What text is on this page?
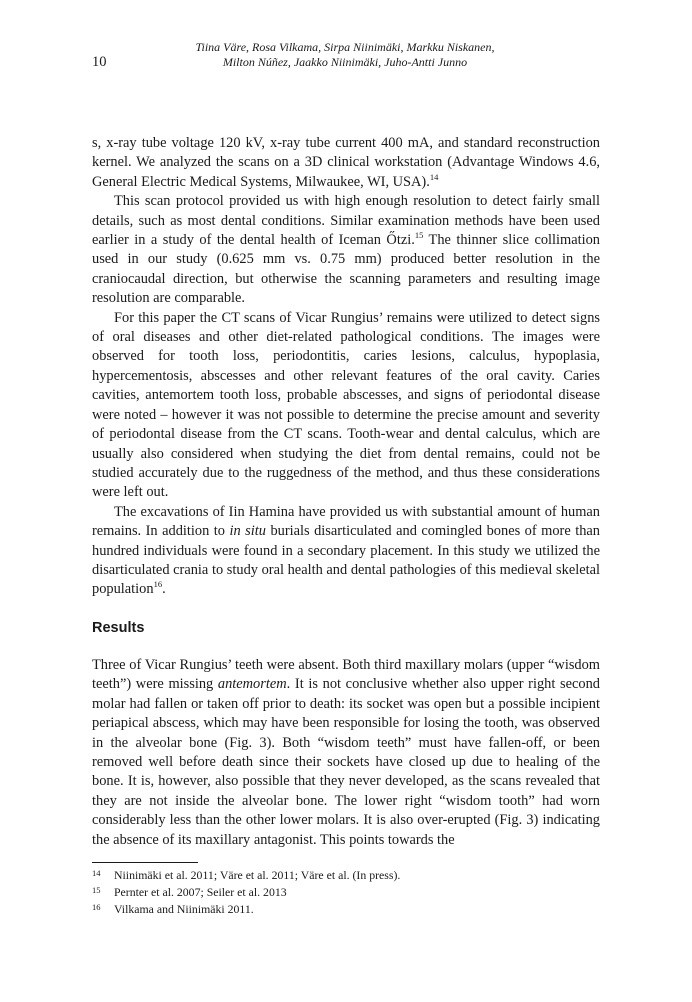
10
Tiina Väre, Rosa Vilkama, Sirpa Niinimäki, Markku Niskanen,
Milton Núñez, Jaakko Niinimäki, Juho-Antti Junno

s, x-ray tube voltage 120 kV, x-ray tube current 400 mA, and standard reconstruction kernel. We analyzed the scans on a 3D clinical workstation (Advantage Windows 4.6, General Electric Medical Systems, Milwaukee, WI, USA).$^{14}$

This scan protocol provided us with high enough resolution to detect fairly small details, such as most dental conditions. Similar examination methods have been used earlier in a study of the dental health of Iceman Őtzi.$^{15}$ The thinner slice collimation used in our study (0.625 mm vs. 0.75 mm) produced better resolution in the craniocaudal direction, but otherwise the scanning parameters and resulting image resolution are comparable.

For this paper the CT scans of Vicar Rungius’ remains were utilized to detect signs of oral diseases and other diet-related pathological conditions. The images were observed for tooth loss, periodontitis, caries lesions, calculus, hypoplasia, hypercementosis, abscesses and other relevant features of the oral cavity. Caries cavities, antemortem tooth loss, probable abscesses, and signs of periodontal disease were noted – however it was not possible to determine the precise amount and severity of periodontal disease from the CT scans. Tooth-wear and dental calculus, which are usually also considered when studying the diet from dental remains, could not be studied accurately due to the ruggedness of the method, and thus these considerations were left out.

The excavations of Iin Hamina have provided us with substantial amount of human remains. In addition to in situ burials disarticulated and comingled bones of more than hundred individuals were found in a secondary placement. In this study we utilized the disarticulated crania to study oral health and dental pathologies of this medieval skeletal population$^{16}$.

Results

Three of Vicar Rungius’ teeth were absent. Both third maxillary molars (upper “wisdom teeth”) were missing antemortem. It is not conclusive whether also upper right second molar had fallen or taken off prior to death: its socket was open but a possible incipient periapical abscess, which may have been responsible for losing the tooth, was observed in the alveolar bone (Fig. 3). Both “wisdom teeth” must have fallen-off, or been removed well before death since their sockets have closed up due to healing of the bone. It is, however, also possible that they never developed, as the scans revealed that they are not inside the alveolar bone. The lower right “wisdom tooth” had worn considerably less than the other lower molars. It is also over-erupted (Fig. 3) indicating the absence of its maxillary antagonist. This points towards the

14	Niinimäki et al. 2011; Väre et al. 2011; Väre et al. (In press).
15	Pernter et al. 2007; Seiler et al. 2013
16	Vilkama and Niinimäki 2011.
